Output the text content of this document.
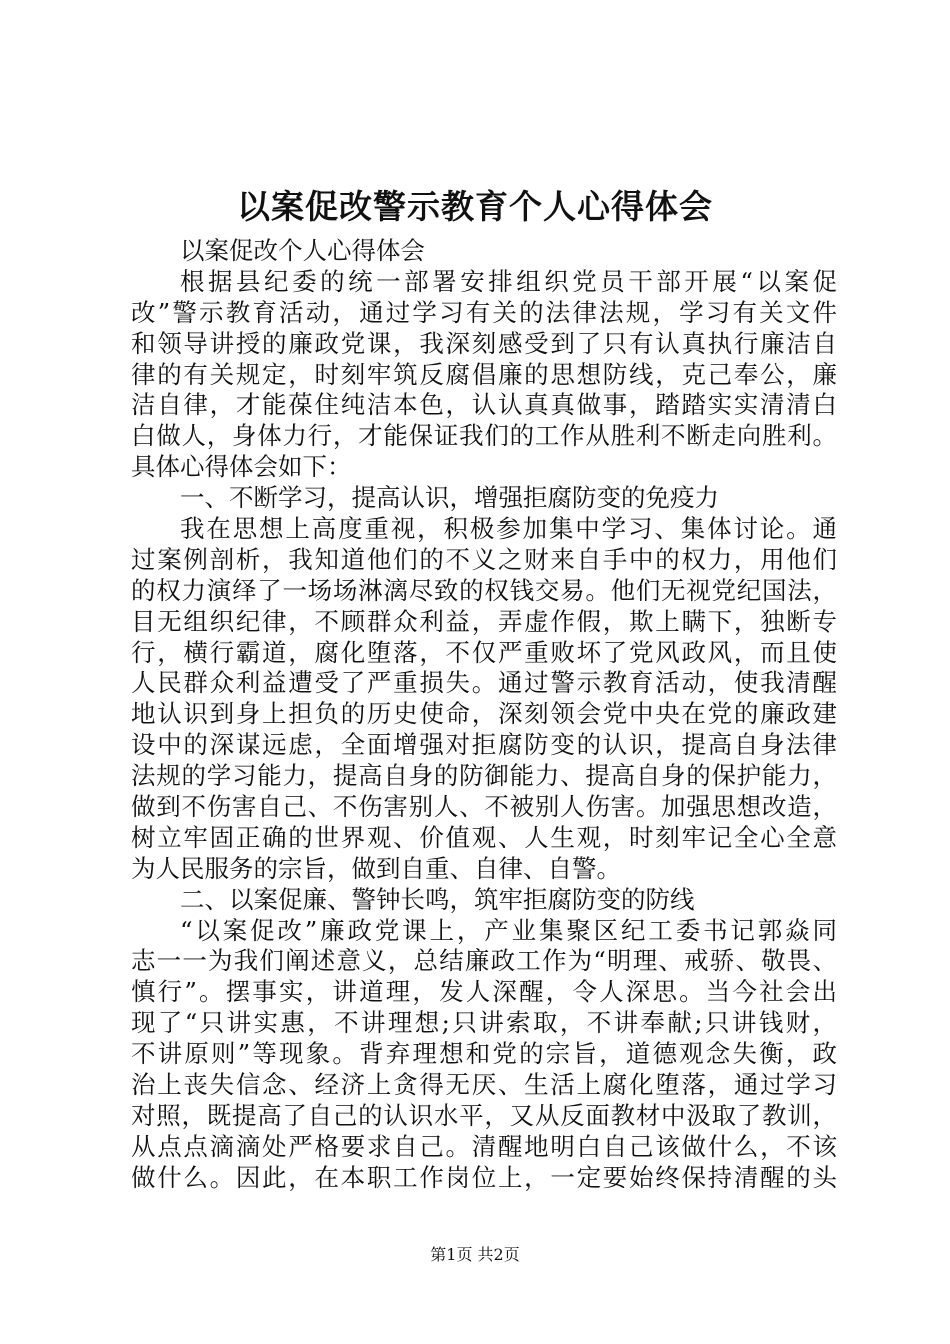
以案促改警示教育个人心得体会
以案促改个人心得体会
根据县纪委的统一部署安排组织党员干部开展“以案促
改”警示教育活动，通过学习有关的法律法规，学习有关文件
和领导讲授的廉政党课，我深刻感受到了只有认真执行廉洁自
律的有关规定，时刻牢筑反腐倡廉的思想防线，克己奉公，廉
洁自律，才能葆住纯洁本色，认认真真做事，踏踏实实清清白
白做人，身体力行，才能保证我们的工作从胜利不断走向胜利。
具体心得体会如下：
一、不断学习，提高认识，增强拒腐防变的免疫力
我在思想上高度重视，积极参加集中学习、集体讨论。通
过案例剖析，我知道他们的不义之财来自手中的权力，用他们
的权力演绎了一场场淋漓尽致的权钱交易。他们无视党纪国法，
目无组织纪律，不顾群众利益，弄虚作假，欺上瞒下，独断专
行，横行霸道，腐化堕落，不仅严重败坏了党风政风，而且使
人民群众利益遭受了严重损失。通过警示教育活动，使我清醒
地认识到身上担负的历史使命，深刻领会党中央在党的廉政建
设中的深谋远虑，全面增强对拒腐防变的认识，提高自身法律
法规的学习能力，提高自身的防御能力、提高自身的保护能力，
做到不伤害自己、不伤害别人、不被别人伤害。加强思想改造，
树立牢固正确的世界观、价值观、人生观，时刻牢记全心全意
为人民服务的宗旨，做到自重、自律、自警。
二、以案促廉、警钟长鸣，筑牢拒腐防变的防线
“以案促改”廉政党课上，产业集聚区纪工委书记郭焱同
志一一为我们阐述意义，总结廉政工作为“明理、戒骄、敬畏、
慎行”。摆事实，讲道理，发人深醒，令人深思。当今社会出
现了“只讲实惠，不讲理想;只讲索取，不讲奉献;只讲钱财，
不讲原则”等现象。背弃理想和党的宗旨，道德观念失衡，政
治上丧失信念、经济上贪得无厌、生活上腐化堕落，通过学习
对照，既提高了自己的认识水平，又从反面教材中汲取了教训，
从点点滴滴处严格要求自己。清醒地明白自己该做什么，不该
做什么。因此，在本职工作岗位上，一定要始终保持清醒的头
第1页 共2页
